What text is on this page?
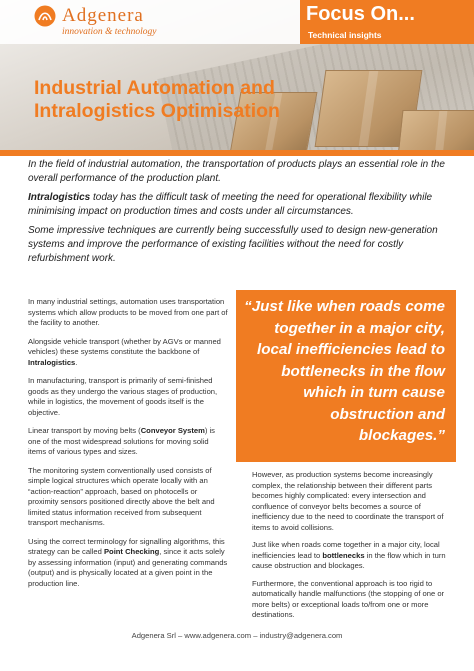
Adgenera
innovation & technology
Focus On...
Technical insights
Industrial Automation and Intralogistics Optimisation

In the field of industrial automation, the transportation of products plays an essential role in the overall performance of the production plant.

Intralogistics today has the difficult task of meeting the need for operational flexibility while minimising impact on production times and costs under all circumstances.

Some impressive techniques are currently being successfully used to design new-generation systems and improve the performance of existing facilities without the need for costly refurbishment work.

In many industrial settings, automation uses transportation systems which allow products to be moved from one part of the facility to another.

Alongside vehicle transport (whether by AGVs or manned vehicles) these systems constitute the backbone of Intralogistics.

In manufacturing, transport is primarily of semi-finished goods as they undergo the various stages of production, while in logistics, the movement of goods itself is the objective.

Linear transport by moving belts (Conveyor System) is one of the most widespread solutions for moving solid items of various types and sizes.

The monitoring system conventionally used consists of simple logical structures which operate locally with an “action-reaction” approach, based on photocells or proximity sensors positioned directly above the belt and limited status information received from subsequent transport mechanisms.

Using the correct terminology for signalling algorithms, this strategy can be called Point Checking, since it acts solely by assessing information (input) and generating commands (output) and is physically located at a given point in the production line.

“Just like when roads come together in a major city, local inefficiencies lead to bottlenecks in the flow which in turn cause obstruction and blockages.”

However, as production systems become increasingly complex, the relationship between their different parts becomes highly complicated: every intersection and confluence of conveyor belts becomes a source of inefficiency due to the need to coordinate the transport of items to avoid collisions.

Just like when roads come together in a major city, local inefficiencies lead to bottlenecks in the flow which in turn cause obstruction and blockages.

Furthermore, the conventional approach is too rigid to automatically handle malfunctions (the stopping of one or more belts) or exceptional loads to/from one or more destinations.

Adgenera Srl – www.adgenera.com – industry@adgenera.com
